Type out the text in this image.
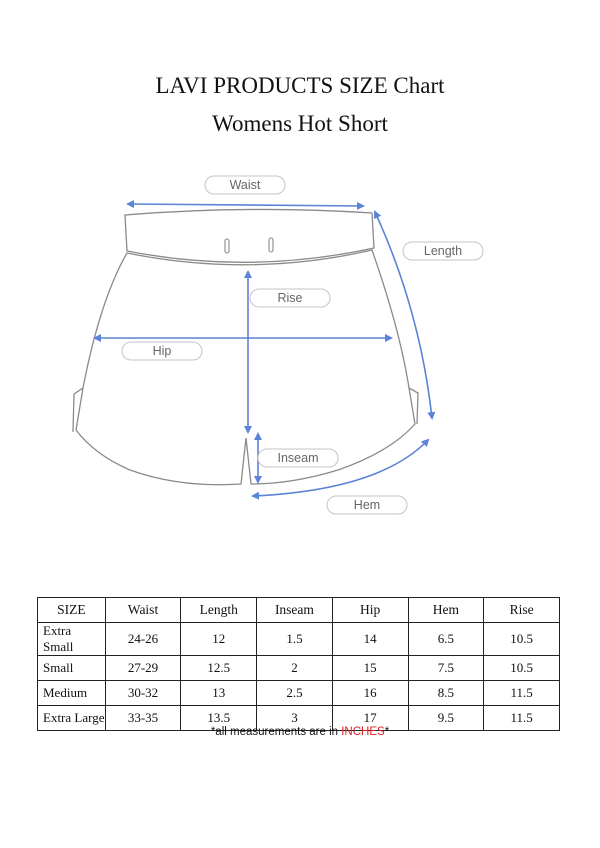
LAVI PRODUCTS SIZE Chart
Womens Hot Short
Waist
Length
Rise
Hip
Inseam
Hem
SIZE	Waist	Length	Inseam	Hip	Hem	Rise
Extra Small	24-26	12	1.5	14	6.5	10.5
Small	27-29	12.5	2	15	7.5	10.5
Medium	30-32	13	2.5	16	8.5	11.5
Extra Large	33-35	13.5	3	17	9.5	11.5
*all measurements are in INCHES*
